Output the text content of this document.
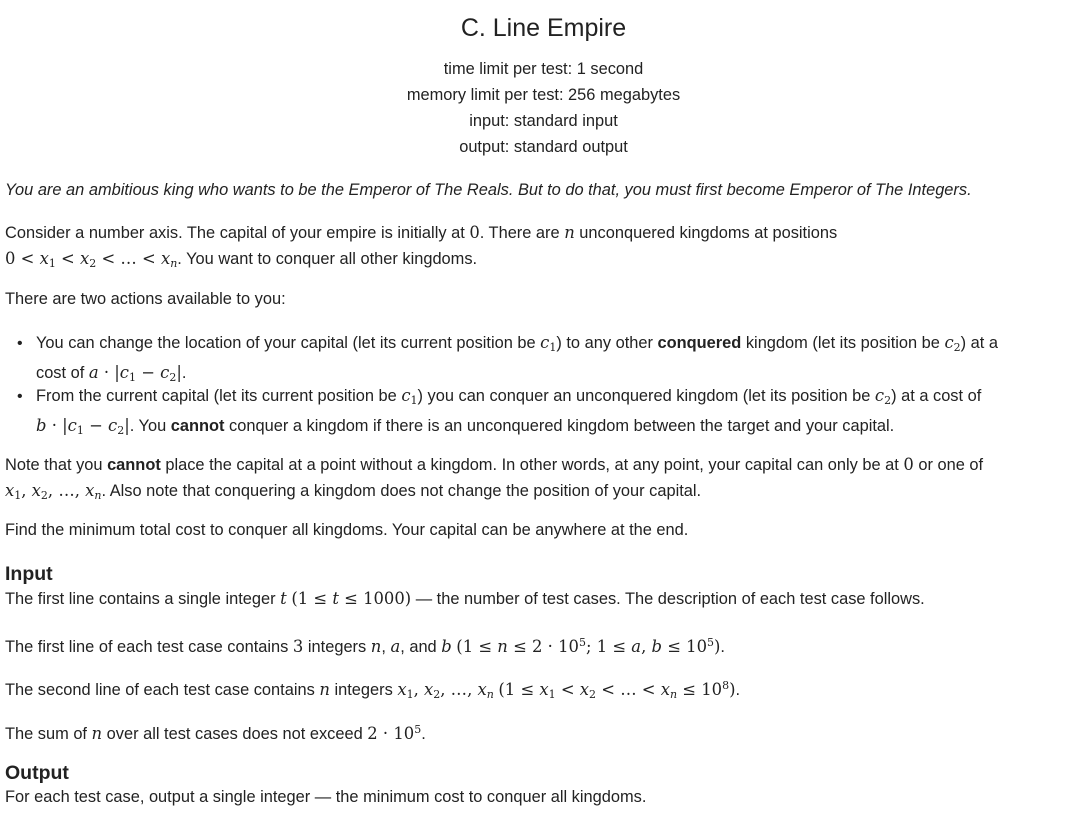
C. Line Empire
time limit per test: 1 second
memory limit per test: 256 megabytes
input: standard input
output: standard output
You are an ambitious king who wants to be the Emperor of The Reals. But to do that, you must first become Emperor of The Integers.
Consider a number axis. The capital of your empire is initially at 0. There are n unconquered kingdoms at positions
$0 < x_1 < x_2$ < … < $x_n$. You want to conquer all other kingdoms.
There are two actions available to you:
• You can change the location of your capital (let its current position be $c_1$) to any other conquered kingdom (let its position be $c_2$) at a
cost of $a \cdot |c_1 - c_2|$.
• From the current capital (let its current position be $c_1$) you can conquer an unconquered kingdom (let its position be $c_2$) at a cost of
$b \cdot |c_1 - c_2|$. You cannot conquer a kingdom if there is an unconquered kingdom between the target and your capital.
Note that you cannot place the capital at a point without a kingdom. In other words, at any point, your capital can only be at 0 or one of
$x_1$, $x_2$, …, $x_n$. Also note that conquering a kingdom does not change the position of your capital.
Find the minimum total cost to conquer all kingdoms. Your capital can be anywhere at the end.
Input
The first line contains a single integer t (1 ≤ t ≤ 1000) — the number of test cases. The description of each test case follows.
The first line of each test case contains 3 integers n, a, and b ($1 \le n \le 2 \cdot 10^5$; 1 ≤ a, $b \le 10^5$).
The second line of each test case contains n integers $x_1$, $x_2$, …, $x_n$ ($1 \le x_1 < x_2$ < … < $x_n \le 10^8$).
The sum of n over all test cases does not exceed $2 \cdot 10^5$.
Output
For each test case, output a single integer — the minimum cost to conquer all kingdoms.
